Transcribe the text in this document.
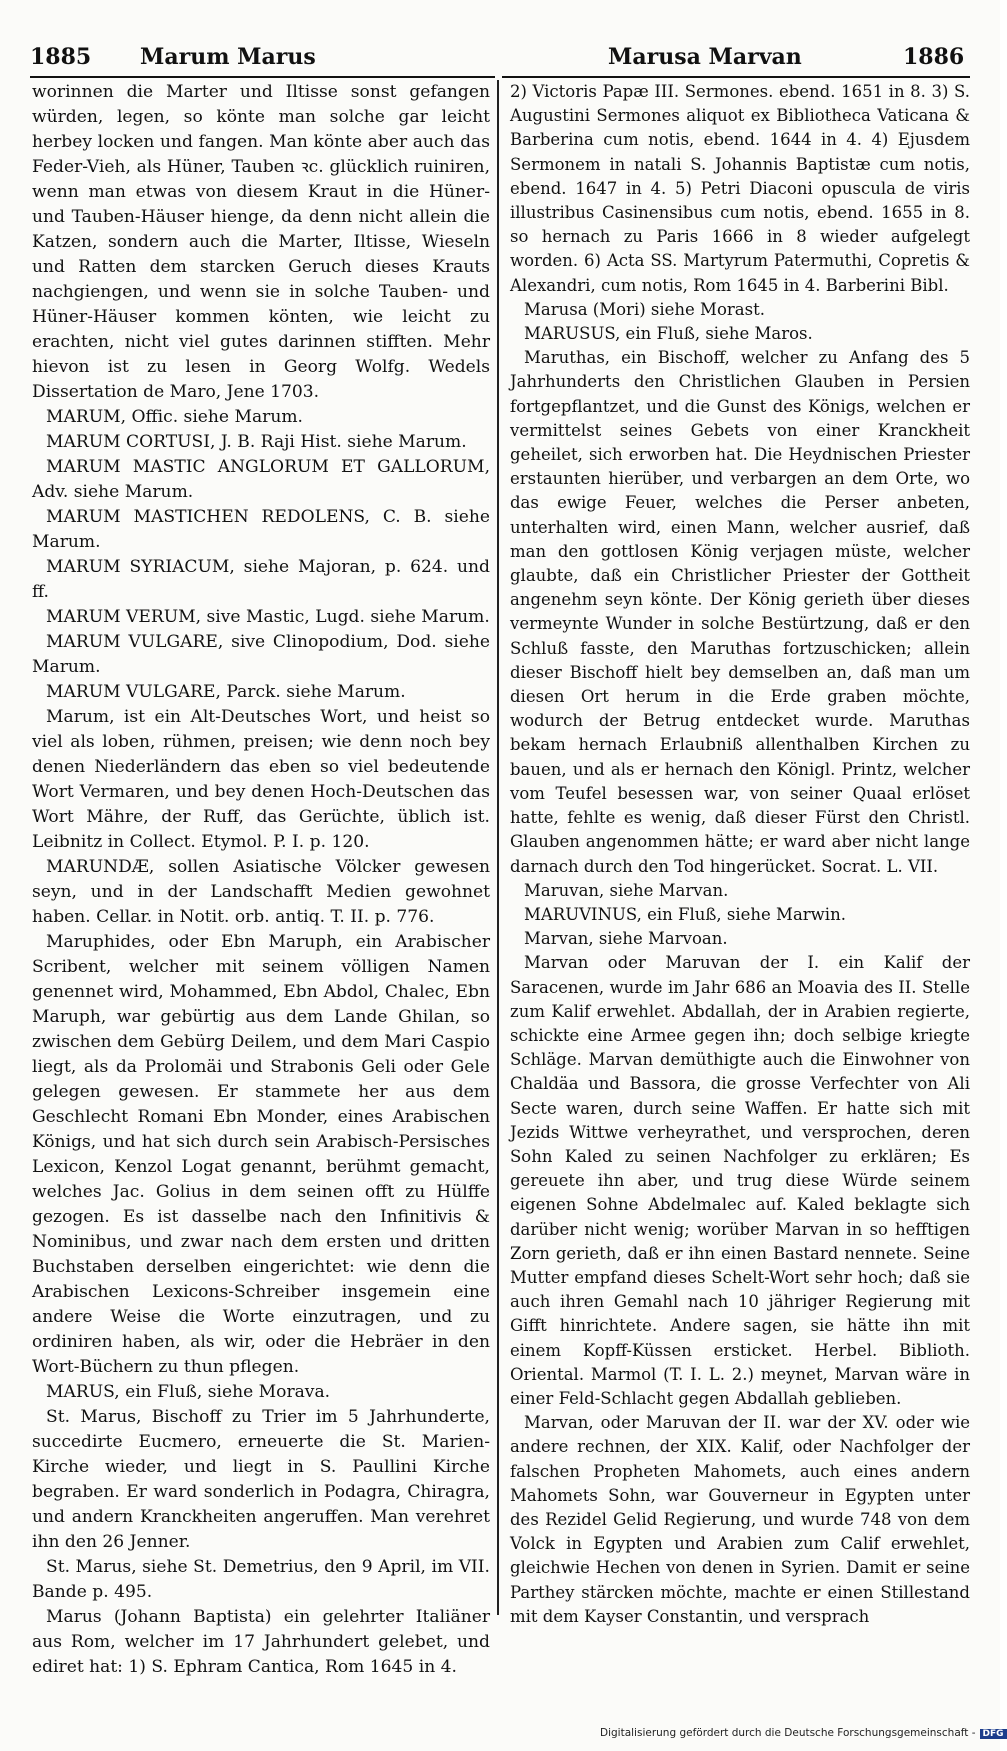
1885 Marum Marus	Marusa Marvan	1886

worinnen die Marter und Iltisse sonst gefangen würden, legen, so könte man solche gar leicht herbey locken und fangen. Man könte aber auch das Feder-Vieh, als Hüner, Tauben ꝛc. glücklich ruiniren, wenn man etwas von diesem Kraut in die Hüner- und Tauben-Häuser hienge, da denn nicht allein die Katzen, sondern auch die Marter, Iltisse, Wieseln und Ratten dem starcken Geruch dieses Krauts nachgiengen, und wenn sie in solche Tauben- und Hüner-Häuser kommen könten, wie leicht zu erachten, nicht viel gutes darinnen stifften. Mehr hievon ist zu lesen in Georg Wolfg. Wedels Dissertation de Maro, Jene 1703.

MARUM, Offic. siehe Marum.

MARUM CORTUSI, J. B. Raji Hist. siehe Marum.

MARUM MASTIC ANGLORUM ET GALLORUM, Adv. siehe Marum.

MARUM MASTICHEN REDOLENS, C. B. siehe Marum.

MARUM SYRIACUM, siehe Majoran, p. 624. und ff.

MARUM VERUM, sive Mastic, Lugd. siehe Marum.

MARUM VULGARE, sive Clinopodium, Dod. siehe Marum.

MARUM VULGARE, Parck. siehe Marum.

Marum, ist ein Alt-Deutsches Wort, und heist so viel als loben, rühmen, preisen; wie denn noch bey denen Niederländern das eben so viel bedeutende Wort Vermaren, und bey denen Hoch-Deutschen das Wort Mähre, der Ruff, das Gerüchte, üblich ist. Leibnitz in Collect. Etymol. P. I. p. 120.

MARUNDÆ, sollen Asiatische Völcker gewesen seyn, und in der Landschafft Medien gewohnet haben. Cellar. in Notit. orb. antiq. T. II. p. 776.

Maruphides, oder Ebn Maruph, ein Arabischer Scribent, welcher mit seinem völligen Namen genennet wird, Mohammed, Ebn Abdol, Chalec, Ebn Maruph, war gebürtig aus dem Lande Ghilan, so zwischen dem Gebürg Deilem, und dem Mari Caspio liegt, als da Prolomäi und Strabonis Geli oder Gele gelegen gewesen. Er stammete her aus dem Geschlecht Romani Ebn Monder, eines Arabischen Königs, und hat sich durch sein Arabisch-Persisches Lexicon, Kenzol Logat genannt, berühmt gemacht, welches Jac. Golius in dem seinen offt zu Hülffe gezogen. Es ist dasselbe nach den Infinitivis & Nominibus, und zwar nach dem ersten und dritten Buchstaben derselben eingerichtet: wie denn die Arabischen Lexicons-Schreiber insgemein eine andere Weise die Worte einzutragen, und zu ordiniren haben, als wir, oder die Hebräer in den Wort-Büchern zu thun pflegen.

MARUS, ein Fluß, siehe Morava.

St. Marus, Bischoff zu Trier im 5 Jahrhunderte, succedirte Eucmero, erneuerte die St. Marien-Kirche wieder, und liegt in S. Paullini Kirche begraben. Er ward sonderlich in Podagra, Chiragra, und andern Kranckheiten angeruffen. Man verehret ihn den 26 Jenner.

St. Marus, siehe St. Demetrius, den 9 April, im VII. Bande p. 495.

Marus (Johann Baptista) ein gelehrter Italiäner aus Rom, welcher im 17 Jahrhundert gelebet, und ediret hat: 1) S. Ephram Cantica, Rom 1645 in 4.

2) Victoris Papæ III. Sermones. ebend. 1651 in 8. 3) S. Augustini Sermones aliquot ex Bibliotheca Vaticana & Barberina cum notis, ebend. 1644 in 4. 4) Ejusdem Sermonem in natali S. Johannis Baptistæ cum notis, ebend. 1647 in 4. 5) Petri Diaconi opuscula de viris illustribus Casinensibus cum notis, ebend. 1655 in 8. so hernach zu Paris 1666 in 8 wieder aufgelegt worden. 6) Acta SS. Martyrum Patermuthi, Copretis & Alexandri, cum notis, Rom 1645 in 4. Barberini Bibl.

Marusa (Mori) siehe Morast.

MARUSUS, ein Fluß, siehe Maros.

Maruthas, ein Bischoff, welcher zu Anfang des 5 Jahrhunderts den Christlichen Glauben in Persien fortgepflantzet, und die Gunst des Königs, welchen er vermittelst seines Gebets von einer Kranckheit geheilet, sich erworben hat. Die Heydnischen Priester erstaunten hierüber, und verbargen an dem Orte, wo das ewige Feuer, welches die Perser anbeten, unterhalten wird, einen Mann, welcher ausrief, daß man den gottlosen König verjagen müste, welcher glaubte, daß ein Christlicher Priester der Gottheit angenehm seyn könte. Der König gerieth über dieses vermeynte Wunder in solche Bestürtzung, daß er den Schluß fasste, den Maruthas fortzuschicken; allein dieser Bischoff hielt bey demselben an, daß man um diesen Ort herum in die Erde graben möchte, wodurch der Betrug entdecket wurde. Maruthas bekam hernach Erlaubniß allenthalben Kirchen zu bauen, und als er hernach den Königl. Printz, welcher vom Teufel besessen war, von seiner Quaal erlöset hatte, fehlte es wenig, daß dieser Fürst den Christl. Glauben angenommen hätte; er ward aber nicht lange darnach durch den Tod hingerücket. Socrat. L. VII.

Maruvan, siehe Marvan.

MARUVINUS, ein Fluß, siehe Marwin.

Marvan, siehe Marvoan.

Marvan oder Maruvan der I. ein Kalif der Saracenen, wurde im Jahr 686 an Moavia des II. Stelle zum Kalif erwehlet. Abdallah, der in Arabien regierte, schickte eine Armee gegen ihn; doch selbige kriegte Schläge. Marvan demüthigte auch die Einwohner von Chaldäa und Bassora, die grosse Verfechter von Ali Secte waren, durch seine Waffen. Er hatte sich mit Jezids Wittwe verheyrathet, und versprochen, deren Sohn Kaled zu seinen Nachfolger zu erklären; Es gereuete ihn aber, und trug diese Würde seinem eigenen Sohne Abdelmalec auf. Kaled beklagte sich darüber nicht wenig; worüber Marvan in so hefftigen Zorn gerieth, daß er ihn einen Bastard nennete. Seine Mutter empfand dieses Schelt-Wort sehr hoch; daß sie auch ihren Gemahl nach 10 jähriger Regierung mit Gifft hinrichtete. Andere sagen, sie hätte ihn mit einem Kopff-Küssen ersticket. Herbel. Biblioth. Oriental. Marmol (T. I. L. 2.) meynet, Marvan wäre in einer Feld-Schlacht gegen Abdallah geblieben.

Marvan, oder Maruvan der II. war der XV. oder wie andere rechnen, der XIX. Kalif, oder Nachfolger der falschen Propheten Mahomets, auch eines andern Mahomets Sohn, war Gouverneur in Egypten unter des Rezidel Gelid Regierung, und wurde 748 von dem Volck in Egypten und Arabien zum Calif erwehlet, gleichwie Hechen von denen in Syrien. Damit er seine Parthey stärcken möchte, machte er einen Stillestand mit dem Kayser Constantin, und versprach

Digitalisierung gefördert durch die Deutsche Forschungsgemeinschaft - DFG
